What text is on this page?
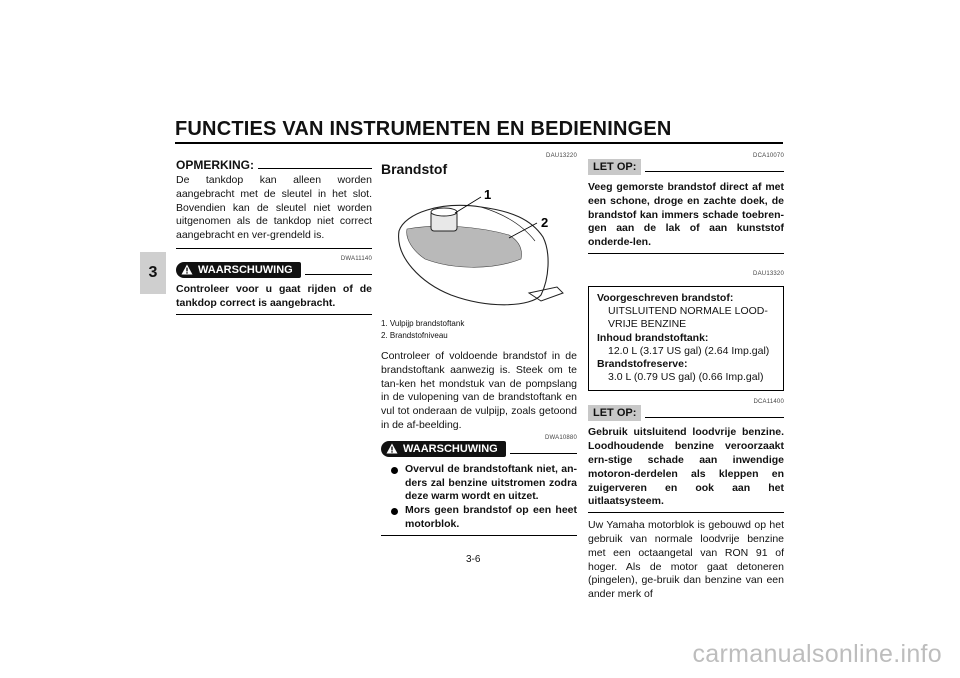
FUNCTIES VAN INSTRUMENTEN EN BEDIENINGEN
3
OPMERKING:
De tankdop kan alleen worden aangebracht met de sleutel in het slot. Bovendien kan de sleutel niet worden uitgenomen als de tankdop niet correct aangebracht en ver-grendeld is.
DWA11140
WAARSCHUWING
Controleer voor u gaat rijden of de tankdop correct is aangebracht.
DAU13220
Brandstof
1
2
1. Vulpijp brandstoftank
2. Brandstofniveau
Controleer of voldoende brandstof in de brandstoftank aanwezig is. Steek om te tan-ken het mondstuk van de pompslang in de vulopening van de brandstoftank en vul tot onderaan de vulpijp, zoals getoond in de af-beelding.
DWA10880
WAARSCHUWING
Overvul de brandstoftank niet, an-ders zal benzine uitstromen zodra deze warm wordt en uitzet.
Mors geen brandstof op een heet motorblok.
DCA10070
LET OP:
Veeg gemorste brandstof direct af met een schone, droge en zachte doek, de brandstof kan immers schade toebren-gen aan de lak of aan kunststof onderde-len.
DAU13320
Voorgeschreven brandstof:
UITSLUITEND NORMALE LOOD-VRIJE BENZINE
Inhoud brandstoftank:
12.0 L (3.17 US gal) (2.64 Imp.gal)
Brandstofreserve:
3.0 L (0.79 US gal) (0.66 Imp.gal)
DCA11400
LET OP:
Gebruik uitsluitend loodvrije benzine. Loodhoudende benzine veroorzaakt ern-stige schade aan inwendige motoron-derdelen als kleppen en zuigerveren en ook aan het uitlaatsysteem.
Uw Yamaha motorblok is gebouwd op het gebruik van normale loodvrije benzine met een octaangetal van RON 91 of hoger. Als de motor gaat detoneren (pingelen), ge-bruik dan benzine van een ander merk of
3-6
carmanualsonline.info
